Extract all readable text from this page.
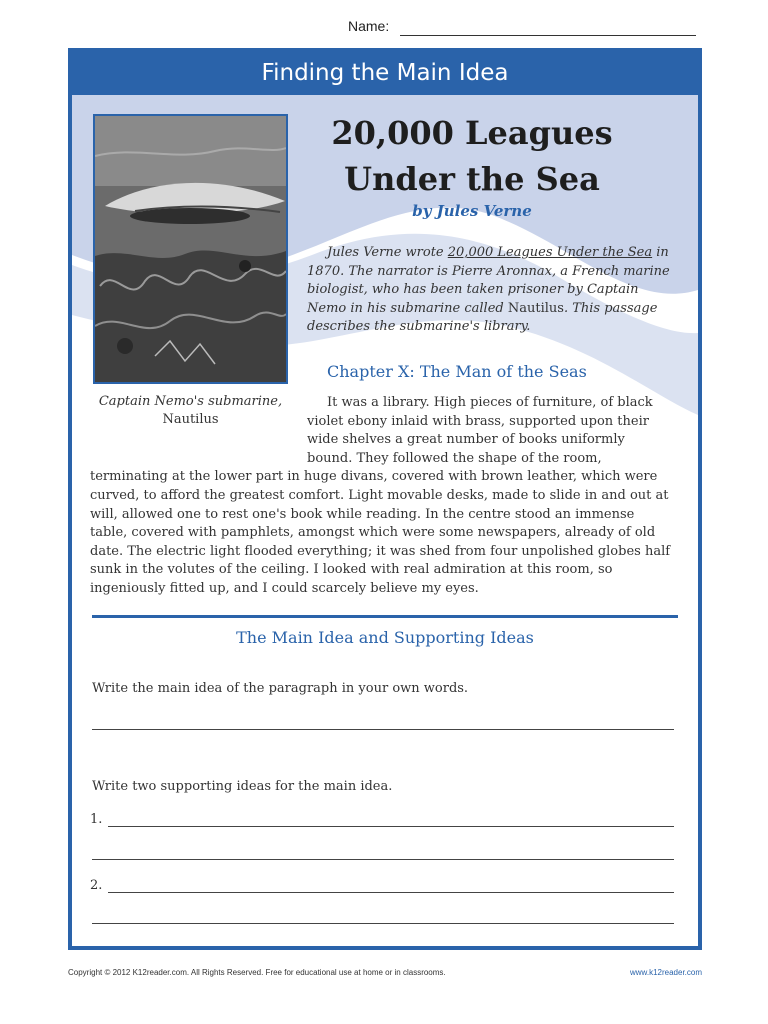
Name:
Finding the Main Idea
Captain Nemo's submarine,
Nautilus
20,000 Leagues
Under the Sea
by Jules Verne
Jules Verne wrote 20,000 Leagues Under the Sea in 1870. The narrator is Pierre Aronnax, a French marine biologist, who has been taken prisoner by Captain Nemo in his submarine called Nautilus. This passage describes the submarine's library.
Chapter X: The Man of the Seas
It was a library. High pieces of furniture, of black violet ebony inlaid with brass, supported upon their wide shelves a great number of books uniformly bound. They followed the shape of the room, terminating at the lower part in huge divans, covered with brown leather, which were curved, to afford the greatest comfort. Light movable desks, made to slide in and out at will, allowed one to rest one's book while reading. In the centre stood an immense table, covered with pamphlets, amongst which were some newspapers, already of old date. The electric light flooded everything; it was shed from four unpolished globes half sunk in the volutes of the ceiling. I looked with real admiration at this room, so ingeniously fitted up, and I could scarcely believe my eyes.
The Main Idea and Supporting Ideas
Write the main idea of the paragraph in your own words.
Write two supporting ideas for the main idea.
1.
2.
Copyright © 2012 K12reader.com. All Rights Reserved. Free for educational use at home or in classrooms.	www.k12reader.com
